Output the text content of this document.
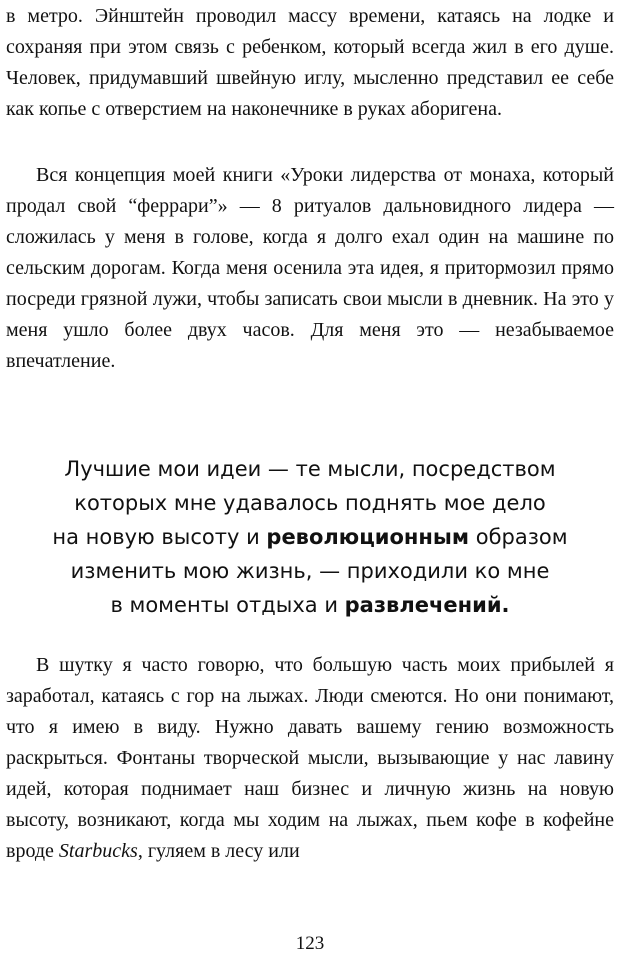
в метро. Эйнштейн проводил массу времени, катаясь на лодке и сохраняя при этом связь с ребенком, который всегда жил в его душе. Человек, придумавший швейную иглу, мысленно представил ее себе как копье с отверстием на наконечнике в руках аборигена.

Вся концепция моей книги «Уроки лидерства от монаха, который продал свой “феррари”» — 8 ритуалов дальновидного лидера — сложилась у меня в голове, когда я долго ехал один на машине по сельским дорогам. Когда меня осенила эта идея, я притормозил прямо посреди грязной лужи, чтобы записать свои мысли в дневник. На это у меня ушло более двух часов. Для меня это — незабываемое впечатление.

Лучшие мои идеи — те мысли, посредством
которых мне удавалось поднять мое дело
на новую высоту и революционным образом
изменить мою жизнь, — приходили ко мне
в моменты отдыха и развлечений.

В шутку я часто говорю, что большую часть моих прибылей я заработал, катаясь с гор на лыжах. Люди смеются. Но они понимают, что я имею в виду. Нужно давать вашему гению возможность раскрыться. Фонтаны творческой мысли, вызывающие у нас лавину идей, которая поднимает наш бизнес и личную жизнь на новую высоту, возникают, когда мы ходим на лыжах, пьем кофе в кофейне вроде Starbucks, гуляем в лесу или

123
